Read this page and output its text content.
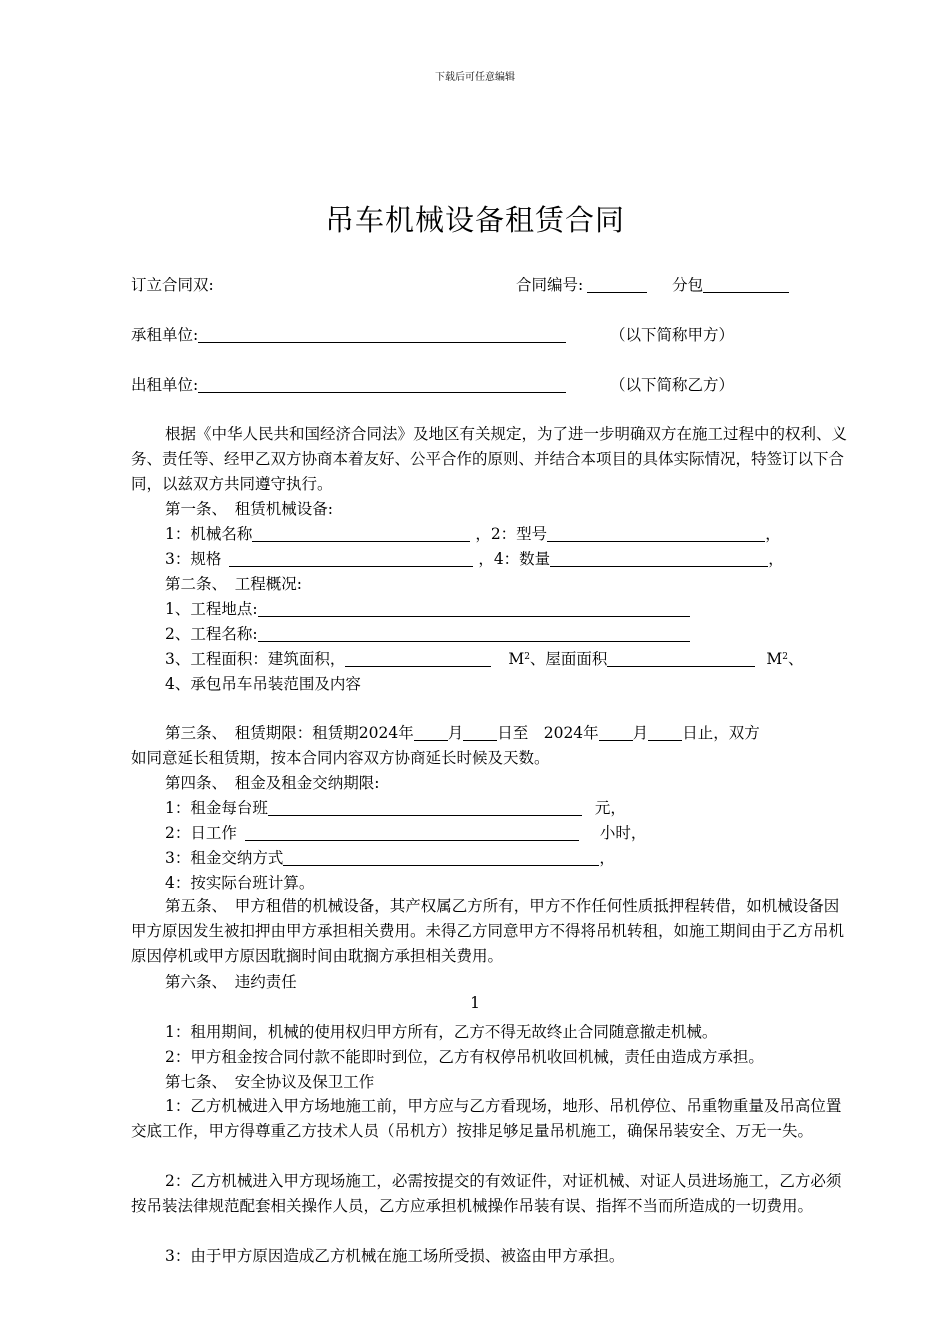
下载后可任意编辑
吊车机械设备租赁合同
订立合同双:	合同编号:	分包
承租单位:	（以下简称甲方）
出租单位:	（以下简称乙方）
根据《中华人民共和国经济合同法》及地区有关规定，为了进一步明确双方在施工过程中的权利、义务、责任等、经甲乙双方协商本着友好、公平合作的原则、并结合本项目的具体实际情况，特签订以下合同，以兹双方共同遵守执行。
第一条、　租赁机械设备:
1：机械名称	，2：型号	，
3：规格	，4：数量	，
第二条、　工程概况:
1、工程地点:
2、工程名称:
3、工程面积：建筑面积，	$M^2$、屋面面积	$M^2$、
4、承包吊车吊装范围及内容
第三条、　租赁期限：租赁期2024年 月 日至　2024年 月 日止，双方
如同意延长租赁期，按本合同内容双方协商延长时候及天数。
第四条、　租金及租金交纳期限:
1：租金每台班	元，
2：日工作	小时，
3：租金交纳方式	，
4：按实际台班计算。
第五条、　甲方租借的机械设备，其产权属乙方所有，甲方不作任何性质抵押程转借，如机械设备因甲方原因发生被扣押由甲方承担相关费用。未得乙方同意甲方不得将吊机转租，如施工期间由于乙方吊机原因停机或甲方原因耽搁时间由耽搁方承担相关费用。
第六条、　违约责任
1
1：租用期间，机械的使用权归甲方所有，乙方不得无故终止合同随意撤走机械。
2：甲方租金按合同付款不能即时到位，乙方有权停吊机收回机械，责任由造成方承担。
第七条、　安全协议及保卫工作
1：乙方机械进入甲方场地施工前，甲方应与乙方看现场，地形、吊机停位、吊重物重量及吊高位置交底工作，甲方得尊重乙方技术人员（吊机方）按排足够足量吊机施工，确保吊装安全、万无一失。
2：乙方机械进入甲方现场施工，必需按提交的有效证件，对证机械、对证人员进场施工，乙方必须按吊装法律规范配套相关操作人员，乙方应承担机械操作吊装有误、指挥不当而所造成的一切费用。
3：由于甲方原因造成乙方机械在施工场所受损、被盗由甲方承担。
